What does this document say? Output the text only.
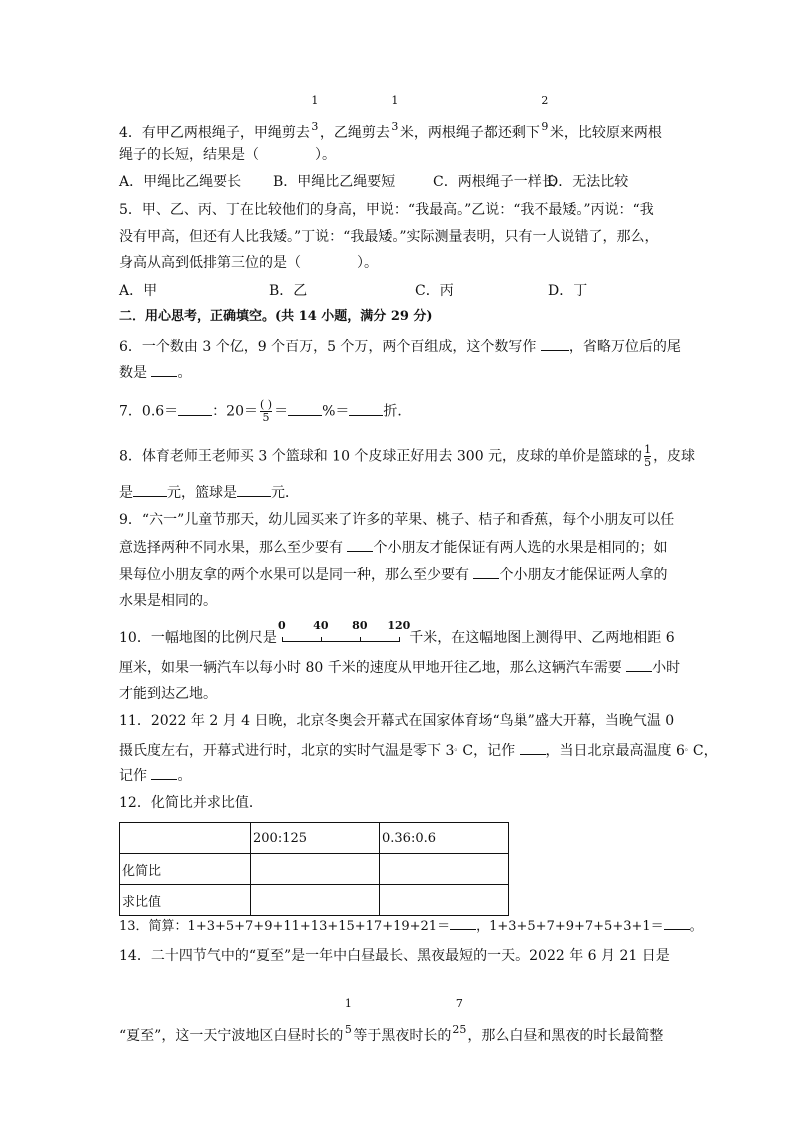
4．有甲乙两根绳子，甲绳剪去
1
3 ，乙绳剪去
1
3 米，两根绳子都还剩下
2
9 米，比较原来两根
绳子的长短，结果是（　　　　）。
A．甲绳比乙绳要长 B．甲绳比乙绳要短	C．两根绳子一样长
D．无法比较
5．甲、乙、丙、丁在比较他们的身高，甲说：“我最高。”乙说：“我不最矮。”丙说：“我
没有甲高，但还有人比我矮。”丁说：“我最矮。”实际测量表明，只有一人说错了，那么，
身高从高到低排第三位的是（　　　　）。
A．甲	B．乙	C．丙	D．丁
二．用心思考，正确填空。(共 14 小题，满分 29 分)
6．一个数由 3 个亿，9 个百万，5 个万，两个百组成，这个数写作 ，省略万位后的尾
数是 。
7．0.6＝ ：$20= \frac{( )}{5}$ ＝ %＝ 折．
8．体育老师王老师买 3 个篮球和 10 个皮球正好用去 300 元，皮球的单价是篮球的 $\frac{1}{5}$ ，皮球
是 元，篮球是 元．
9．“六一”儿童节那天，幼儿园买来了许多的苹果、桃子、桔子和香蕉，每个小朋友可以任
意选择两种不同水果，那么至少要有 个小朋友才能保证有两人选的水果是相同的；如
果每位小朋友拿的两个水果可以是同一种，那么至少要有 个小朋友才能保证两人拿的
水果是相同的。
10．一幅地图的比例尺是
0	40 80 120
千米，在这幅地图上测得甲、乙两地相距 6
厘米，如果一辆汽车以每小时 80 千米的速度从甲地开往乙地，那么这辆汽车需要 小时
才能到达乙地。
11．2022 年 2 月 4 日晚，北京冬奥会开幕式在国家体育场“鸟巢”盛大开幕，当晚气温 0
摄氏度左右，开幕式进行时，北京的实时气温是零下 3。C，记作 ，当日北京最高温度 6。C，
记作 。
12．化简比并求比值．
	200:125	0.36:0.6
化简比		
求比值		
13．简算：1+3+5+7+9+11+13+15+17+19+21＝ ，1+3+5+7+9+7+5+3+1＝ 。
14．二十四节气中的“夏至”是一年中白昼最长、黑夜最短的一天。2022 年 6 月 21 日是
“夏至”，这一天宁波地区白昼时长的
1
5 等于黑夜时长的
7
25 ，那么白昼和黑夜的时长最简整
